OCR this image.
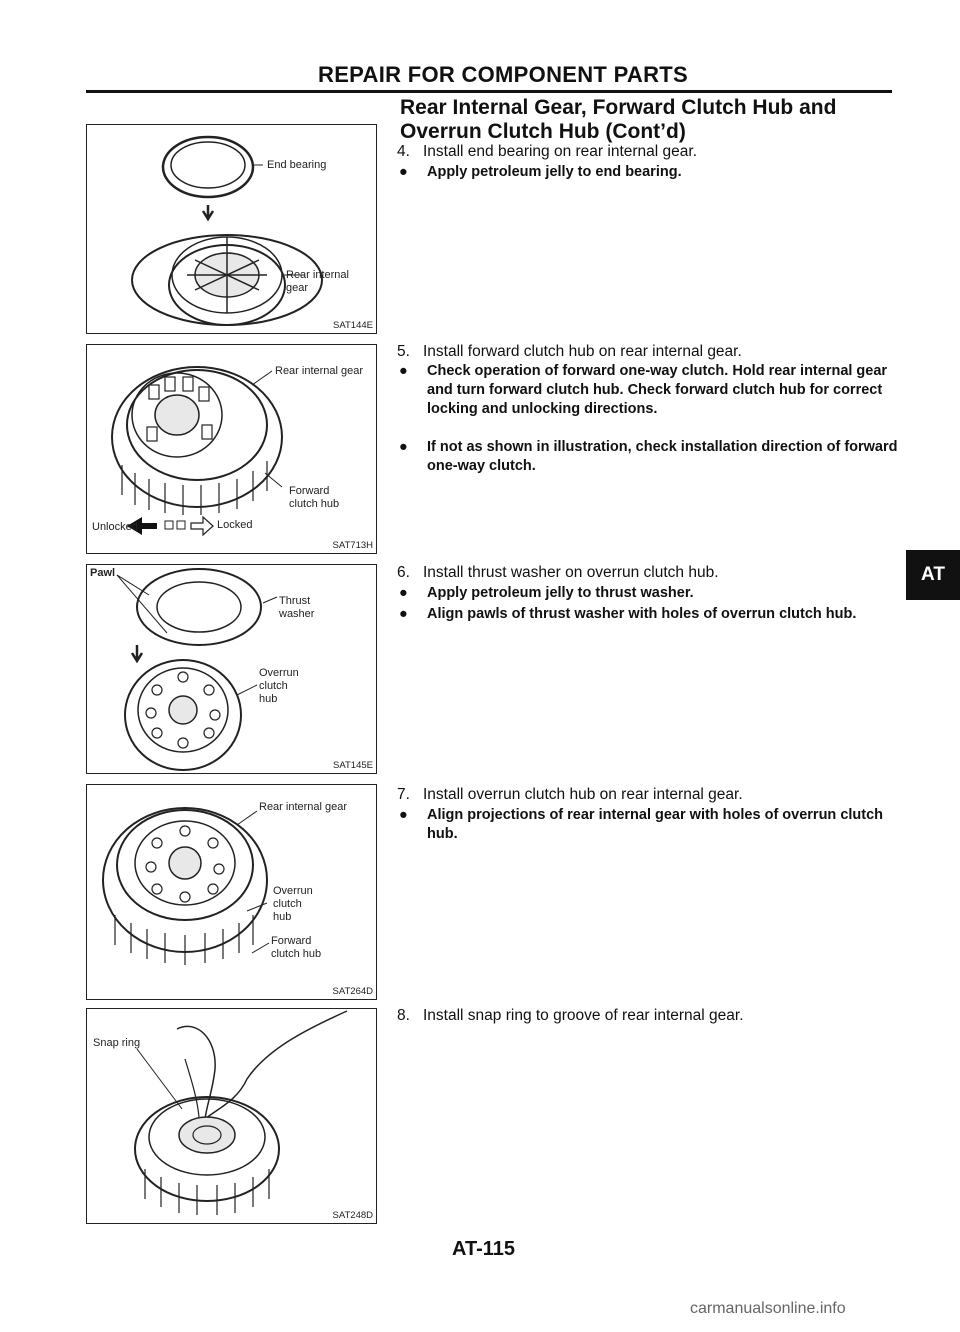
REPAIR FOR COMPONENT PARTS
Rear Internal Gear, Forward Clutch Hub and
Overrun Clutch Hub (Cont’d)
4. Install end bearing on rear internal gear.
● Apply petroleum jelly to end bearing.
5. Install forward clutch hub on rear internal gear.
● Check operation of forward one-way clutch. Hold rear internal gear and turn forward clutch hub. Check forward clutch hub for correct locking and unlocking directions.
● If not as shown in illustration, check installation direction of forward one-way clutch.
6. Install thrust washer on overrun clutch hub.
● Apply petroleum jelly to thrust washer.
● Align pawls of thrust washer with holes of overrun clutch hub.
7. Install overrun clutch hub on rear internal gear.
● Align projections of rear internal gear with holes of overrun clutch hub.
8. Install snap ring to groove of rear internal gear.
End bearing
Rear internal
gear
SAT144E
Rear internal gear
Forward
clutch hub
Unlocked	Locked
SAT713H
Pawl
Thrust
washer
Overrun
clutch
hub
SAT145E
Rear internal gear
Overrun
clutch
hub
Forward
clutch hub
SAT264D
Snap ring
SAT248D
AT
AT-115
carmanualsonline.info
